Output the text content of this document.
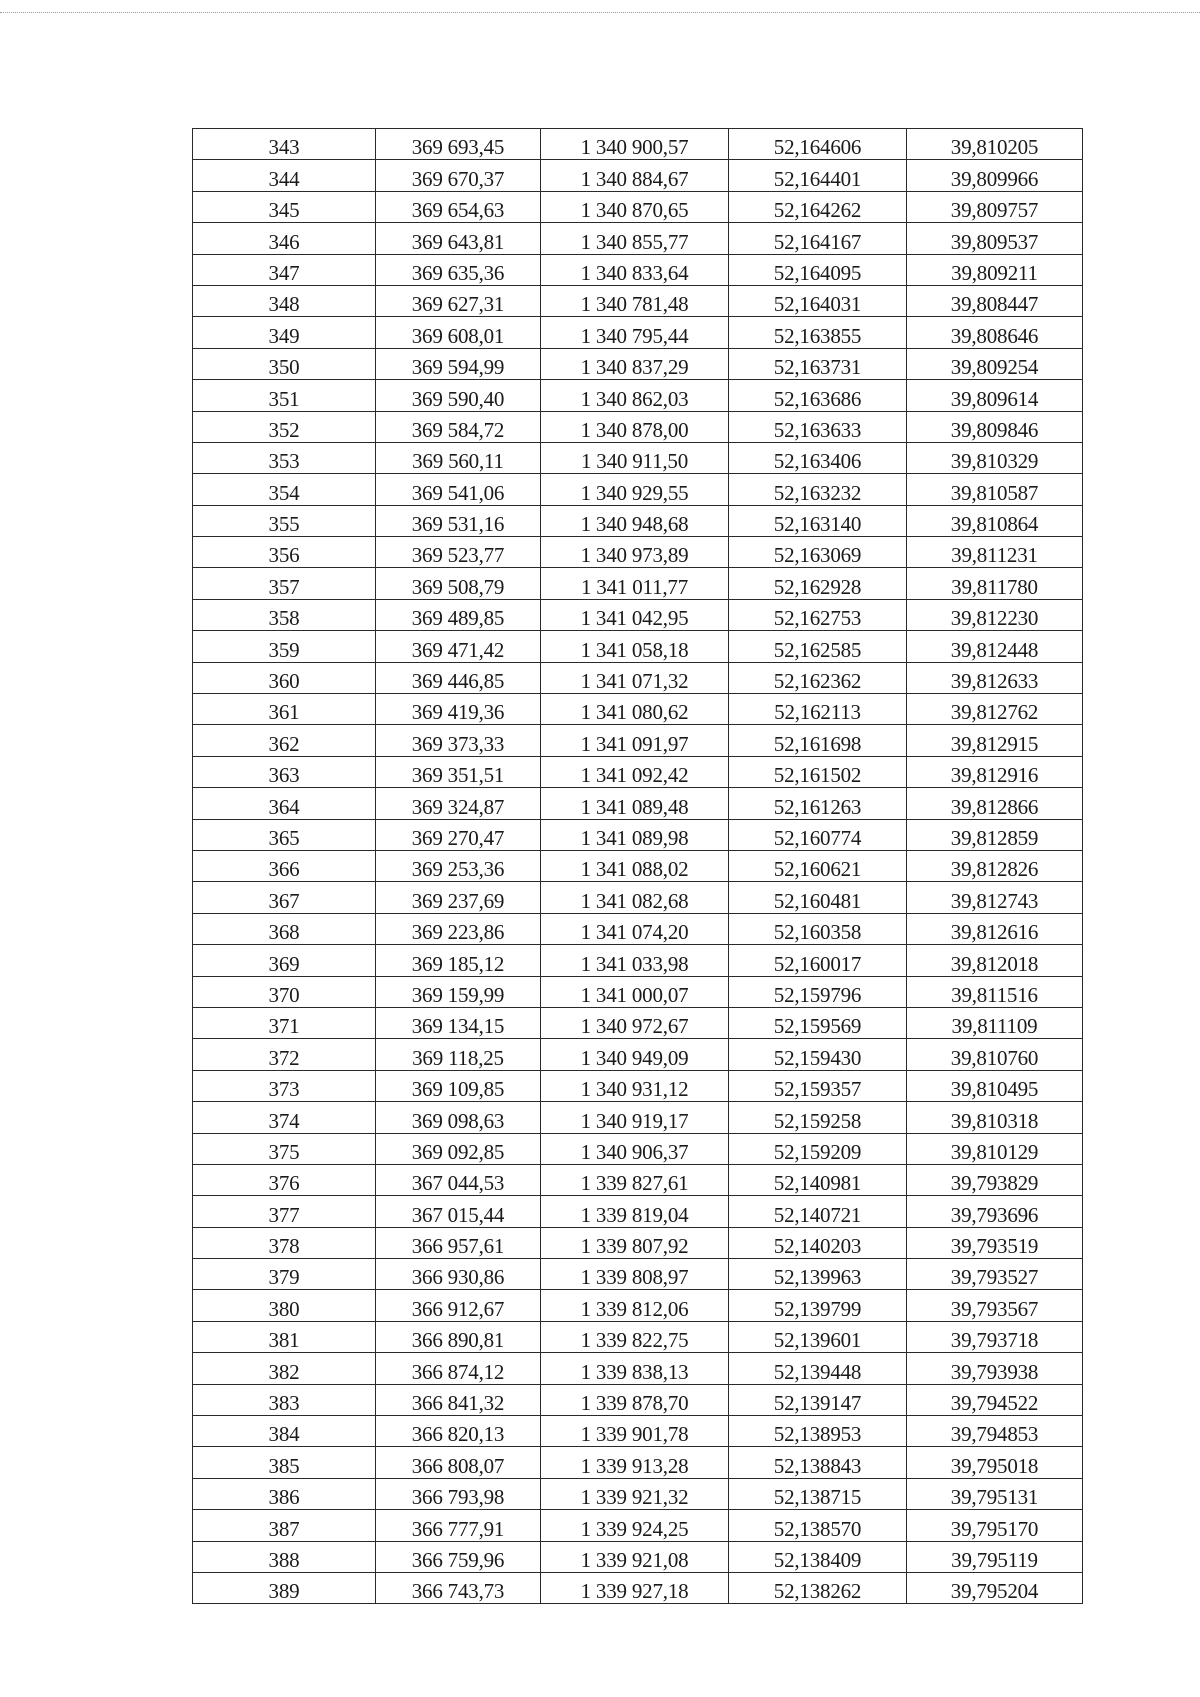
343	369 693,45	1 340 900,57	52,164606	39,810205
344	369 670,37	1 340 884,67	52,164401	39,809966
345	369 654,63	1 340 870,65	52,164262	39,809757
346	369 643,81	1 340 855,77	52,164167	39,809537
347	369 635,36	1 340 833,64	52,164095	39,809211
348	369 627,31	1 340 781,48	52,164031	39,808447
349	369 608,01	1 340 795,44	52,163855	39,808646
350	369 594,99	1 340 837,29	52,163731	39,809254
351	369 590,40	1 340 862,03	52,163686	39,809614
352	369 584,72	1 340 878,00	52,163633	39,809846
353	369 560,11	1 340 911,50	52,163406	39,810329
354	369 541,06	1 340 929,55	52,163232	39,810587
355	369 531,16	1 340 948,68	52,163140	39,810864
356	369 523,77	1 340 973,89	52,163069	39,811231
357	369 508,79	1 341 011,77	52,162928	39,811780
358	369 489,85	1 341 042,95	52,162753	39,812230
359	369 471,42	1 341 058,18	52,162585	39,812448
360	369 446,85	1 341 071,32	52,162362	39,812633
361	369 419,36	1 341 080,62	52,162113	39,812762
362	369 373,33	1 341 091,97	52,161698	39,812915
363	369 351,51	1 341 092,42	52,161502	39,812916
364	369 324,87	1 341 089,48	52,161263	39,812866
365	369 270,47	1 341 089,98	52,160774	39,812859
366	369 253,36	1 341 088,02	52,160621	39,812826
367	369 237,69	1 341 082,68	52,160481	39,812743
368	369 223,86	1 341 074,20	52,160358	39,812616
369	369 185,12	1 341 033,98	52,160017	39,812018
370	369 159,99	1 341 000,07	52,159796	39,811516
371	369 134,15	1 340 972,67	52,159569	39,811109
372	369 118,25	1 340 949,09	52,159430	39,810760
373	369 109,85	1 340 931,12	52,159357	39,810495
374	369 098,63	1 340 919,17	52,159258	39,810318
375	369 092,85	1 340 906,37	52,159209	39,810129
376	367 044,53	1 339 827,61	52,140981	39,793829
377	367 015,44	1 339 819,04	52,140721	39,793696
378	366 957,61	1 339 807,92	52,140203	39,793519
379	366 930,86	1 339 808,97	52,139963	39,793527
380	366 912,67	1 339 812,06	52,139799	39,793567
381	366 890,81	1 339 822,75	52,139601	39,793718
382	366 874,12	1 339 838,13	52,139448	39,793938
383	366 841,32	1 339 878,70	52,139147	39,794522
384	366 820,13	1 339 901,78	52,138953	39,794853
385	366 808,07	1 339 913,28	52,138843	39,795018
386	366 793,98	1 339 921,32	52,138715	39,795131
387	366 777,91	1 339 924,25	52,138570	39,795170
388	366 759,96	1 339 921,08	52,138409	39,795119
389	366 743,73	1 339 927,18	52,138262	39,795204
